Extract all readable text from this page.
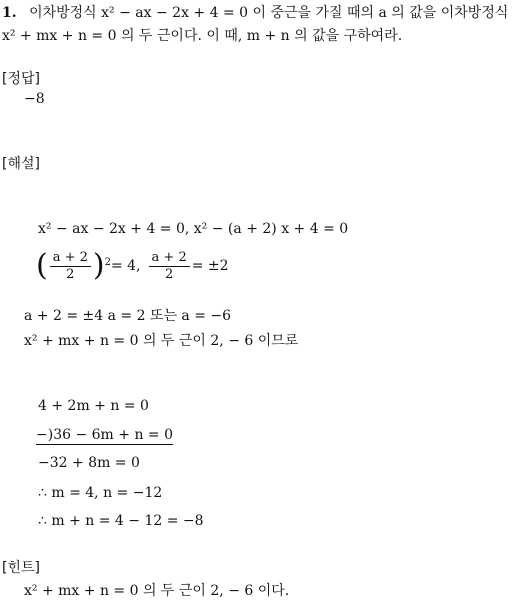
1. 이차방정식 x² − ax − 2x + 4 = 0 이 중근을 가질 때의 a 의 값을 이차방정식
x² + mx + n = 0 의 두 근이다. 이 때, m + n 의 값을 구하여라.
[정답]
−8
[해설]
x² − ax − 2x + 4 = 0, x² − (a + 2) x + 4 = 0
( $\frac{a + 2}{2}$ ) 2 = 4, $\frac{a + 2}{2} = \pm 2$
a + 2 = ±4 a = 2 또는 a = −6
x² + mx + n = 0 의 두 근이 2, − 6 이므로
4 + 2m + n = 0
−)36 − 6m + n = 0
−32 + 8m = 0
∴ m = 4, n = −12
∴ m + n = 4 − 12 = −8
[힌트]
x² + mx + n = 0 의 두 근이 2, − 6 이다.
